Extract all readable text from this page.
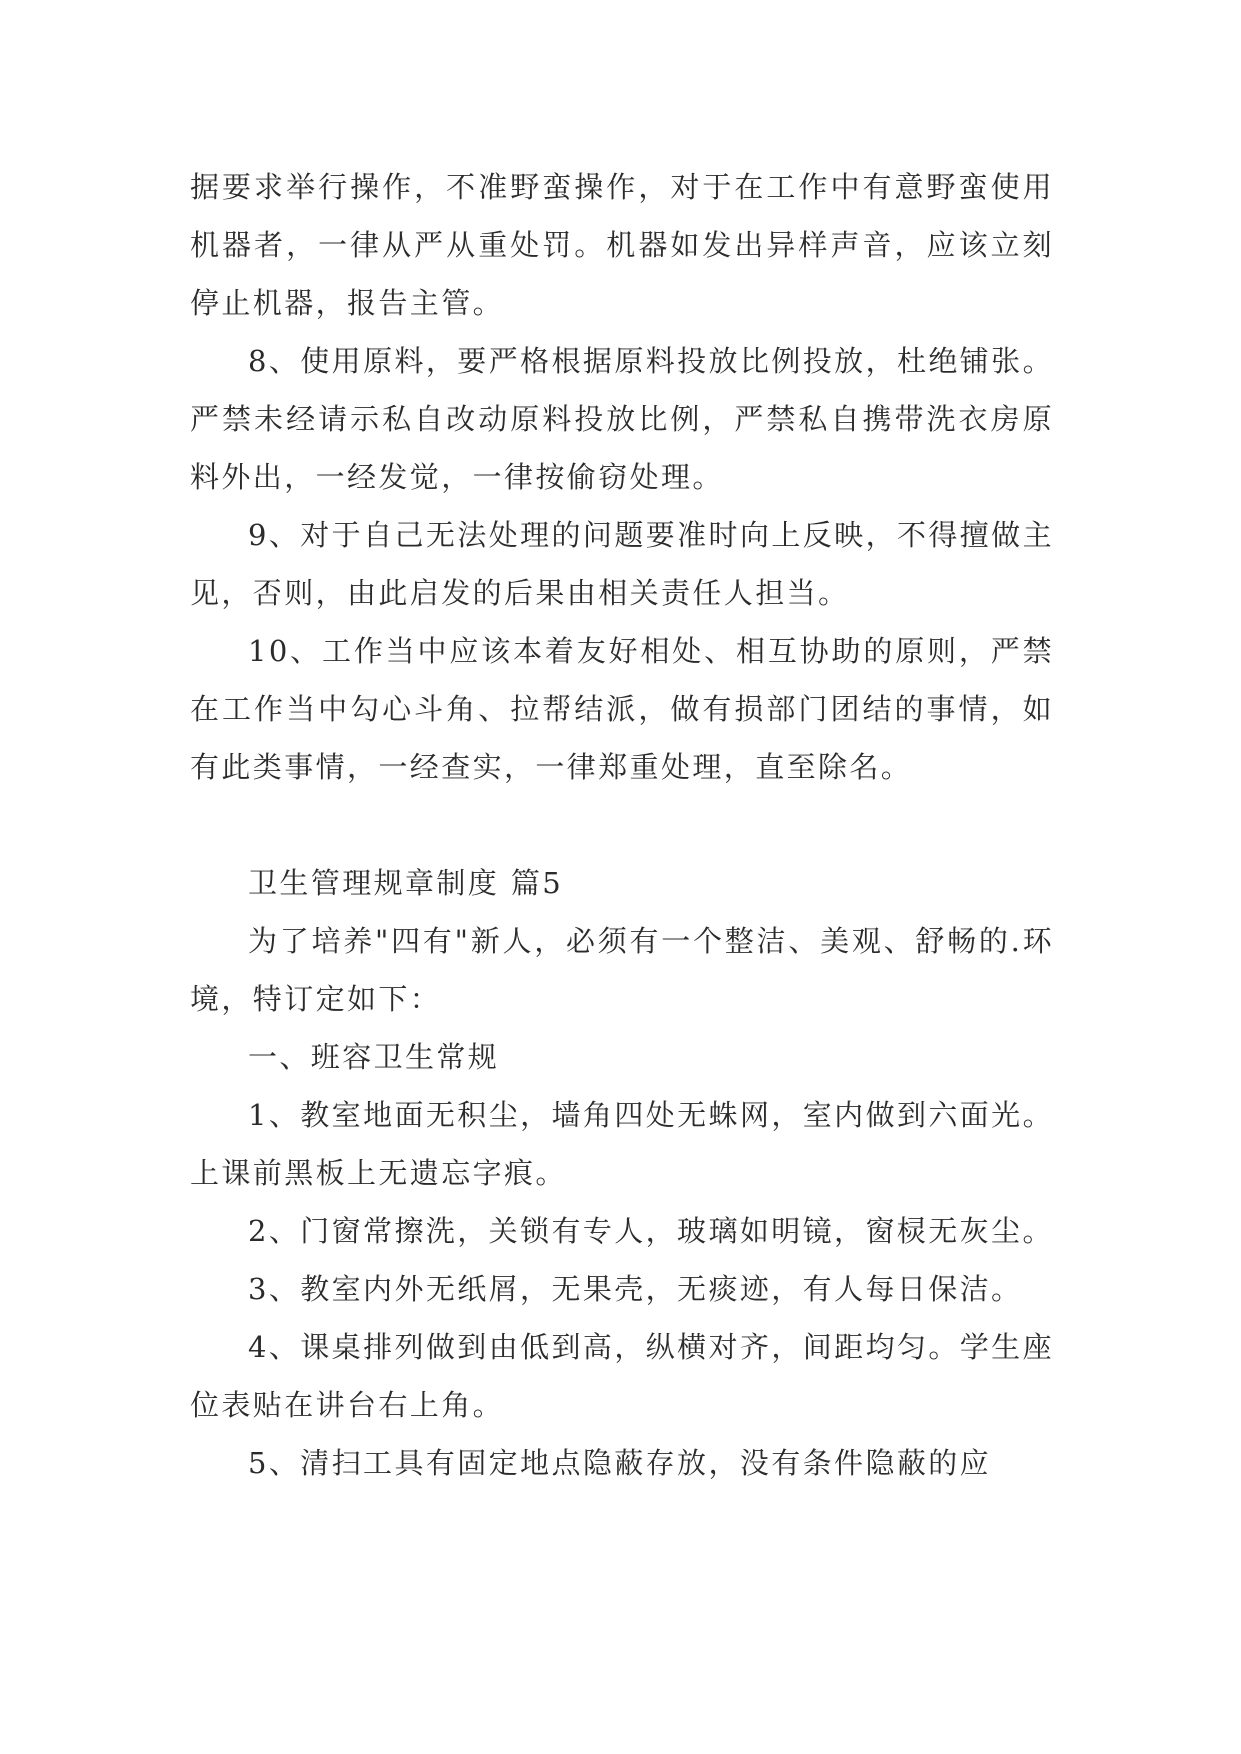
据要求举行操作，不准野蛮操作，对于在工作中有意野蛮使用机器者，一律从严从重处罚。机器如发出异样声音，应该立刻停止机器，报告主管。

8、使用原料，要严格根据原料投放比例投放，杜绝铺张。严禁未经请示私自改动原料投放比例，严禁私自携带洗衣房原料外出，一经发觉，一律按偷窃处理。

9、对于自己无法处理的问题要准时向上反映，不得擅做主见，否则，由此启发的后果由相关责任人担当。

10、工作当中应该本着友好相处、相互协助的原则，严禁在工作当中勾心斗角、拉帮结派，做有损部门团结的事情，如有此类事情，一经查实，一律郑重处理，直至除名。

卫生管理规章制度 篇5

为了培养"四有"新人，必须有一个整洁、美观、舒畅的.环境，特订定如下：

一、班容卫生常规

1、教室地面无积尘，墙角四处无蛛网，室内做到六面光。上课前黑板上无遗忘字痕。

2、门窗常擦洗，关锁有专人，玻璃如明镜，窗棂无灰尘。

3、教室内外无纸屑，无果壳，无痰迹，有人每日保洁。

4、课桌排列做到由低到高，纵横对齐，间距均匀。学生座位表贴在讲台右上角。

5、清扫工具有固定地点隐蔽存放，没有条件隐蔽的应
